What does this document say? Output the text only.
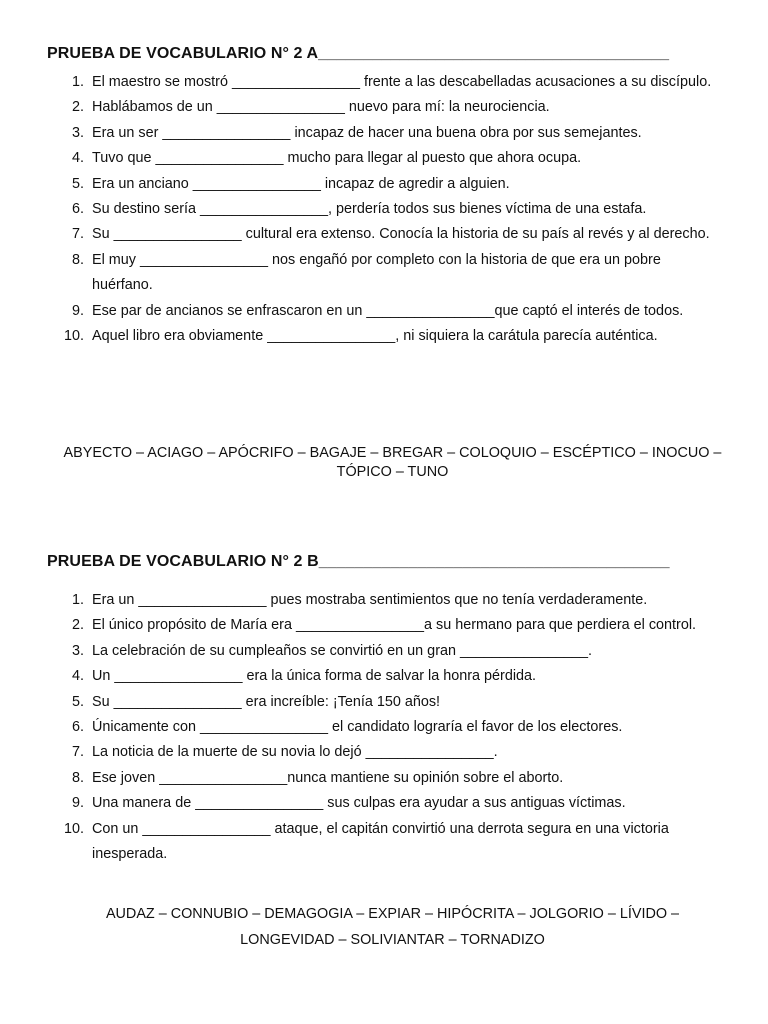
PRUEBA DE VOCABULARIO N° 2 A_______________________________________
1. El maestro se mostró ________________ frente a las descabelladas acusaciones a su discípulo.
2. Hablábamos de un ________________ nuevo para mí: la neurociencia.
3. Era un ser ________________ incapaz de hacer una buena obra por sus semejantes.
4. Tuvo que ________________ mucho para llegar al puesto que ahora ocupa.
5. Era un anciano ________________ incapaz de agredir a alguien.
6. Su destino sería ________________, perdería todos sus bienes víctima de una estafa.
7. Su ________________ cultural era extenso. Conocía la historia de su país al revés y al derecho.
8. El muy ________________ nos engañó por completo con la historia de que era un pobre huérfano.
9. Ese par de ancianos se enfrascaron en un ________________que captó el interés de todos.
10. Aquel libro era obviamente ________________, ni siquiera la carátula parecía auténtica.
ABYECTO – ACIAGO – APÓCRIFO – BAGAJE – BREGAR – COLOQUIO – ESCÉPTICO – INOCUO – TÓPICO – TUNO
PRUEBA DE VOCABULARIO N° 2 B_______________________________________
1. Era un ________________ pues mostraba sentimientos que no tenía verdaderamente.
2. El único propósito de María era ________________a su hermano para que perdiera el control.
3. La celebración de su cumpleaños se convirtió en un gran ________________.
4. Un ________________ era la única forma de salvar la honra pérdida.
5. Su ________________ era increíble: ¡Tenía 150 años!
6. Únicamente con ________________ el candidato lograría el favor de los electores.
7. La noticia de la muerte de su novia lo dejó ________________.
8. Ese joven ________________nunca mantiene su opinión sobre el aborto.
9. Una manera de ________________ sus culpas era ayudar a sus antiguas víctimas.
10. Con un ________________ ataque, el capitán convirtió una derrota segura en una victoria inesperada.
AUDAZ – CONNUBIO – DEMAGOGIA – EXPIAR – HIPÓCRITA – JOLGORIO – LÍVIDO – LONGEVIDAD – SOLIVIANTAR – TORNADIZO
